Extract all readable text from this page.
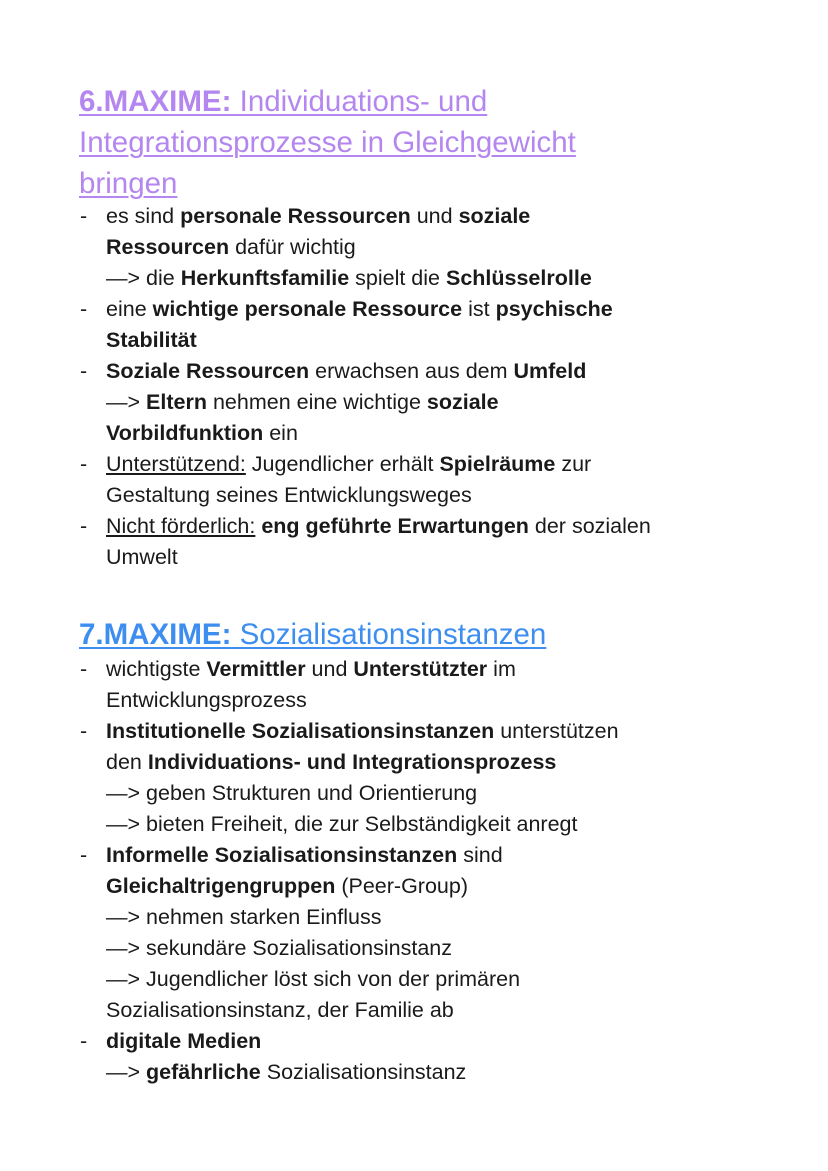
6.MAXIME: Individuations- und
Integrationsprozesse in Gleichgewicht
bringen
- es sind personale Ressourcen und soziale
Ressourcen dafür wichtig
—> die Herkunftsfamilie spielt die Schlüsselrolle
- eine wichtige personale Ressource ist psychische
Stabilität
- Soziale Ressourcen erwachsen aus dem Umfeld
—> Eltern nehmen eine wichtige soziale
Vorbildfunktion ein
- Unterstützend: Jugendlicher erhält Spielräume zur
Gestaltung seines Entwicklungsweges
- Nicht förderlich: eng geführte Erwartungen der sozialen
Umwelt
7.MAXIME: Sozialisationsinstanzen
- wichtigste Vermittler und Unterstützter im
Entwicklungsprozess
- Institutionelle Sozialisationsinstanzen unterstützen
den Individuations- und Integrationsprozess
—> geben Strukturen und Orientierung
—> bieten Freiheit, die zur Selbständigkeit anregt
- Informelle Sozialisationsinstanzen sind
Gleichaltrigengruppen (Peer-Group)
—> nehmen starken Einfluss
—> sekundäre Sozialisationsinstanz
—> Jugendlicher löst sich von der primären
Sozialisationsinstanz, der Familie ab
- digitale Medien
—> gefährliche Sozialisationsinstanz
